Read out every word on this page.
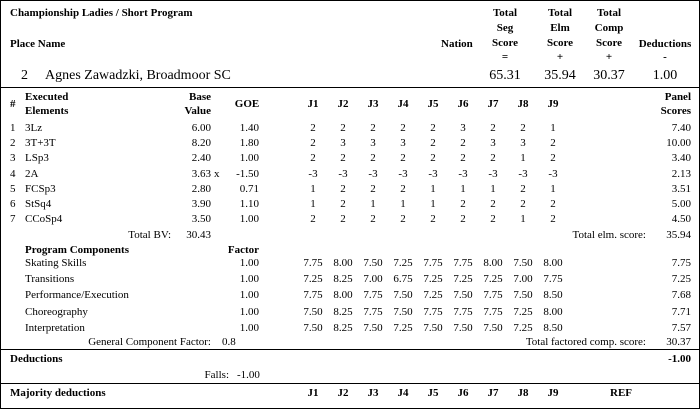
Championship Ladies / Short Program
Place Name	Nation
Total
Seg
Score
=
Total
Elm
Score
+
Total
Comp
Score
+
Deductions
-
2 Agnes Zawadzki, Broadmoor SC	65.31	35.94	30.37	1.00
#
Executed
Elements
Base
Value
GOE	J1	J2	J3	J4	J5	J6	J7	J8	J9
Panel
Scores
1 3Lz	6.00	1.40	2	2	2	2	2	3	2	2	1	7.40
2 3T+3T	8.20	1.80	2	3	3	3	2	2	3	3	2	10.00
3 LSp3	2.40	1.00	2	2	2	2	2	2	2	1	2	3.40
4 2A	3.63 x	-1.50	-3	-3	-3	-3	-3	-3	-3	-3	-3	2.13
5 FCSp3	2.80	0.71	1	2	2	2	1	1	1	2	1	3.51
6 StSq4	3.90	1.10	1	2	1	1	1	2	2	2	2	5.00
7 CCoSp4	3.50	1.00	2	2	2	2	2	2	2	1	2	4.50
Total BV:	30.43	Total elm. score:	35.94
Program Components	Factor
Skating Skills	1.00	7.75 8.00 7.50 7.25 7.75 7.75 8.00 7.50 8.00	7.75
Transitions	1.00	7.25 8.25 7.00 6.75 7.25 7.25 7.25 7.00 7.75	7.25
Performance/Execution	1.00	7.75 8.00 7.75 7.50 7.25 7.50 7.75 7.50 8.50	7.68
Choreography	1.00	7.50 8.25 7.75 7.50 7.75 7.75 7.75 7.25 8.00	7.71
Interpretation	1.00	7.50 8.25 7.50 7.25 7.50 7.50 7.50 7.25 8.50	7.57
General Component Factor: 0.8	Total factored comp. score:	30.37
Deductions	-1.00
Falls: -1.00
Majority deductions	J1	J2	J3	J4	J5	J6	J7	J8	J9	REF
